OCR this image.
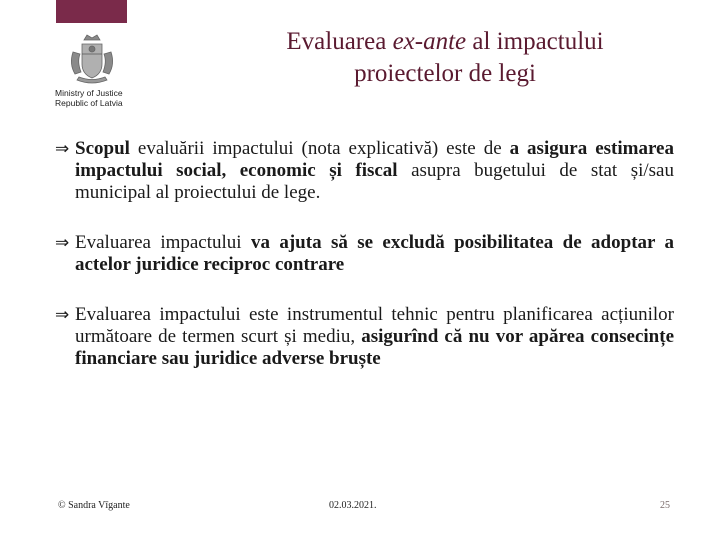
Ministry of Justice
Republic of Latvia
Evaluarea ex-ante al impactului
proiectelor de legi
⇒ Scopul evaluării impactului (nota explicativă) este de a asigura estimarea impactului social, economic și fiscal asupra bugetului de stat și/sau municipal al proiectului de lege.
⇒ Evaluarea impactului va ajuta să se excludă posibilitatea de adoptar a actelor juridice reciproc contrare
⇒ Evaluarea impactului este instrumentul tehnic pentru planificarea acțiunilor următoare de termen scurt și mediu, asigurînd că nu vor apărea consecințe financiare sau juridice adverse bruște
© Sandra Vīgante	02.03.2021.	25
